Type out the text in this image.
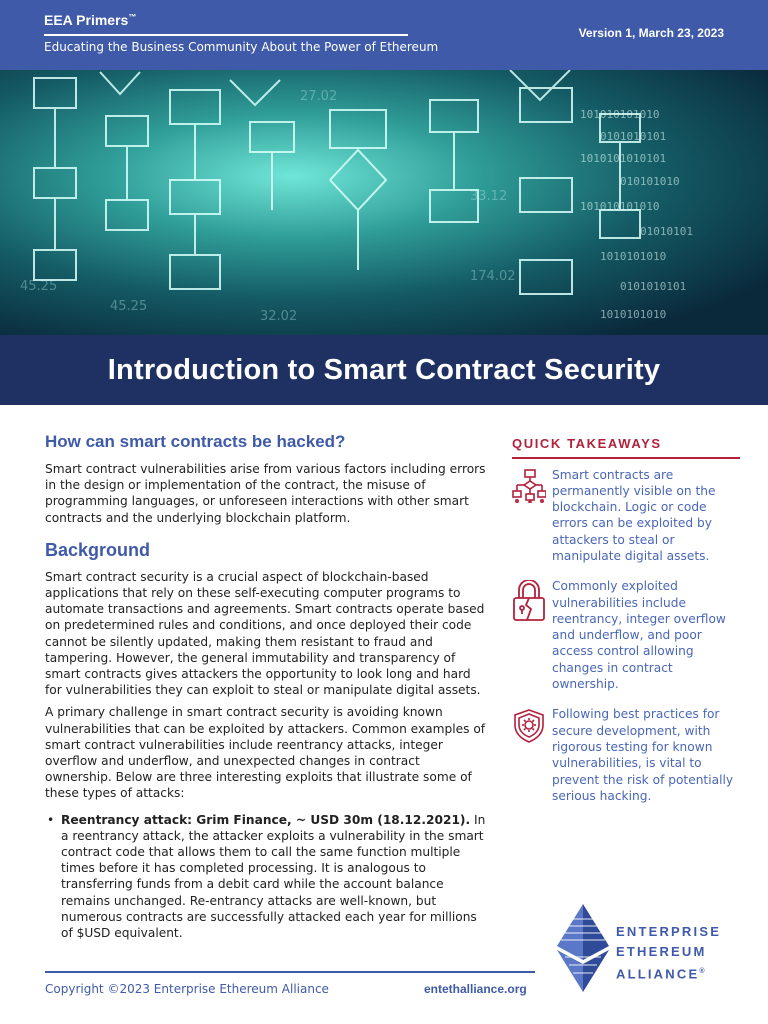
EEA Primers™
Educating the Business Community About the Power of Ethereum
Version 1, March 23, 2023
101010101010
0101010101
1010101010101
010101010
101010101010
01010101
1010101010
0101010101
1010101010
32.02
33.12
174.02
27.02
45.25
45.25
Introduction to Smart Contract Security
How can smart contracts be hacked?

Smart contract vulnerabilities arise from various factors including errors in the design or implementation of the contract, the misuse of programming languages, or unforeseen interactions with other smart contracts and the underlying blockchain platform.

Background

Smart contract security is a crucial aspect of blockchain-based applications that rely on these self-executing computer programs to automate transactions and agreements. Smart contracts operate based on predetermined rules and conditions, and once deployed their code cannot be silently updated, making them resistant to fraud and tampering. However, the general immutability and transparency of smart contracts gives attackers the opportunity to look long and hard for vulnerabilities they can exploit to steal or manipulate digital assets.

A primary challenge in smart contract security is avoiding known vulnerabilities that can be exploited by attackers. Common examples of smart contract vulnerabilities include reentrancy attacks, integer overflow and underflow, and unexpected changes in contract ownership. Below are three interesting exploits that illustrate some of these types of attacks:

• Reentrancy attack: Grim Finance, ~ USD 30m (18.12.2021). In a reentrancy attack, the attacker exploits a vulnerability in the smart contract code that allows them to call the same function multiple times before it has completed processing. It is analogous to transferring funds from a debit card while the account balance remains unchanged. Re-entrancy attacks are well-known, but numerous contracts are successfully attacked each year for millions of $USD equivalent.
QUICK TAKEAWAYS
Smart contracts are permanently visible on the blockchain. Logic or code errors can be exploited by attackers to steal or manipulate digital assets.
Commonly exploited vulnerabilities include reentrancy, integer overflow and underflow, and poor access control allowing changes in contract ownership.
Following best practices for secure development, with rigorous testing for known vulnerabilities, is vital to prevent the risk of potentially serious hacking.
ENTERPRISE
ETHEREUM
ALLIANCE®
Copyright ©2023 Enterprise Ethereum Alliance	entethalliance.org
